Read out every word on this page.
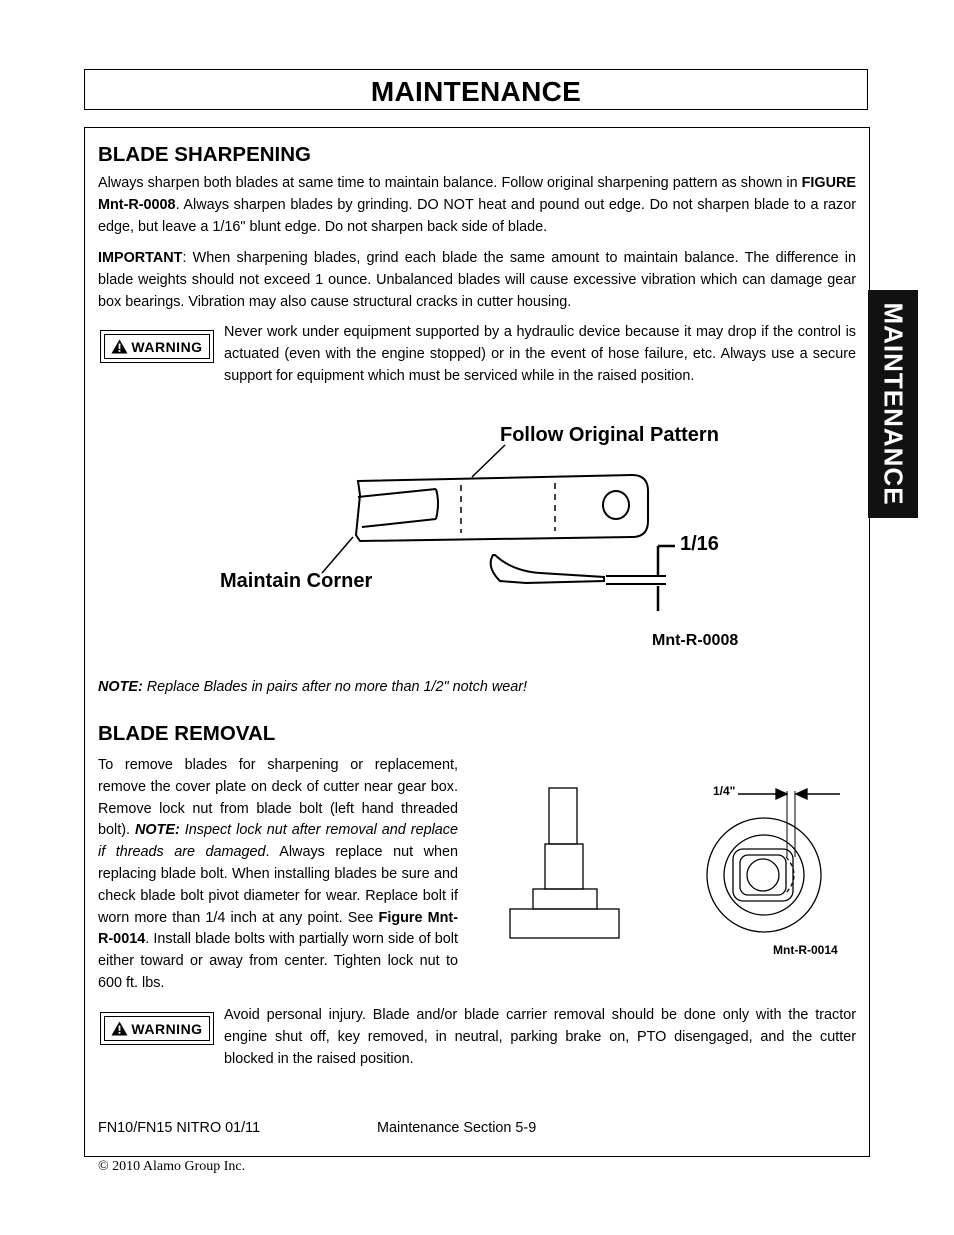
MAINTENANCE
MAINTENANCE
BLADE SHARPENING
Always sharpen both blades at same time to maintain balance. Follow original sharpening pattern as shown in FIGURE Mnt-R-0008. Always sharpen blades by grinding. DO NOT heat and pound out edge. Do not sharpen blade to a razor edge, but leave a 1/16" blunt edge. Do not sharpen back side of blade.
IMPORTANT: When sharpening blades, grind each blade the same amount to maintain balance. The difference in blade weights should not exceed 1 ounce. Unbalanced blades will cause excessive vibration which can damage gear box bearings. Vibration may also cause structural cracks in cutter housing.
WARNING
Never work under equipment supported by a hydraulic device because it may drop if the control is actuated (even with the engine stopped) or in the event of hose failure, etc. Always use a secure support for equipment which must be serviced while in the raised position.
Follow Original Pattern
Maintain Corner
1/16
Mnt-R-0008
NOTE: Replace Blades in pairs after no more than 1/2" notch wear!
BLADE REMOVAL
To remove blades for sharpening or replacement, remove the cover plate on deck of cutter near gear box. Remove lock nut from blade bolt (left hand threaded bolt). NOTE: Inspect lock nut after removal and replace if threads are damaged. Always replace nut when replacing blade bolt. When installing blades be sure and check blade bolt pivot diameter for wear. Replace bolt if worn more than 1/4 inch at any point. See Figure Mnt-R-0014. Install blade bolts with partially worn side of bolt either toward or away from center. Tighten lock nut to 600 ft. lbs.
1/4"
Mnt-R-0014
WARNING
Avoid personal injury. Blade and/or blade carrier removal should be done only with the tractor engine shut off, key removed, in neutral, parking brake on, PTO disengaged, and the cutter blocked in the raised position.
FN10/FN15 NITRO 01/11	Maintenance Section 5-9
© 2010 Alamo Group Inc.
